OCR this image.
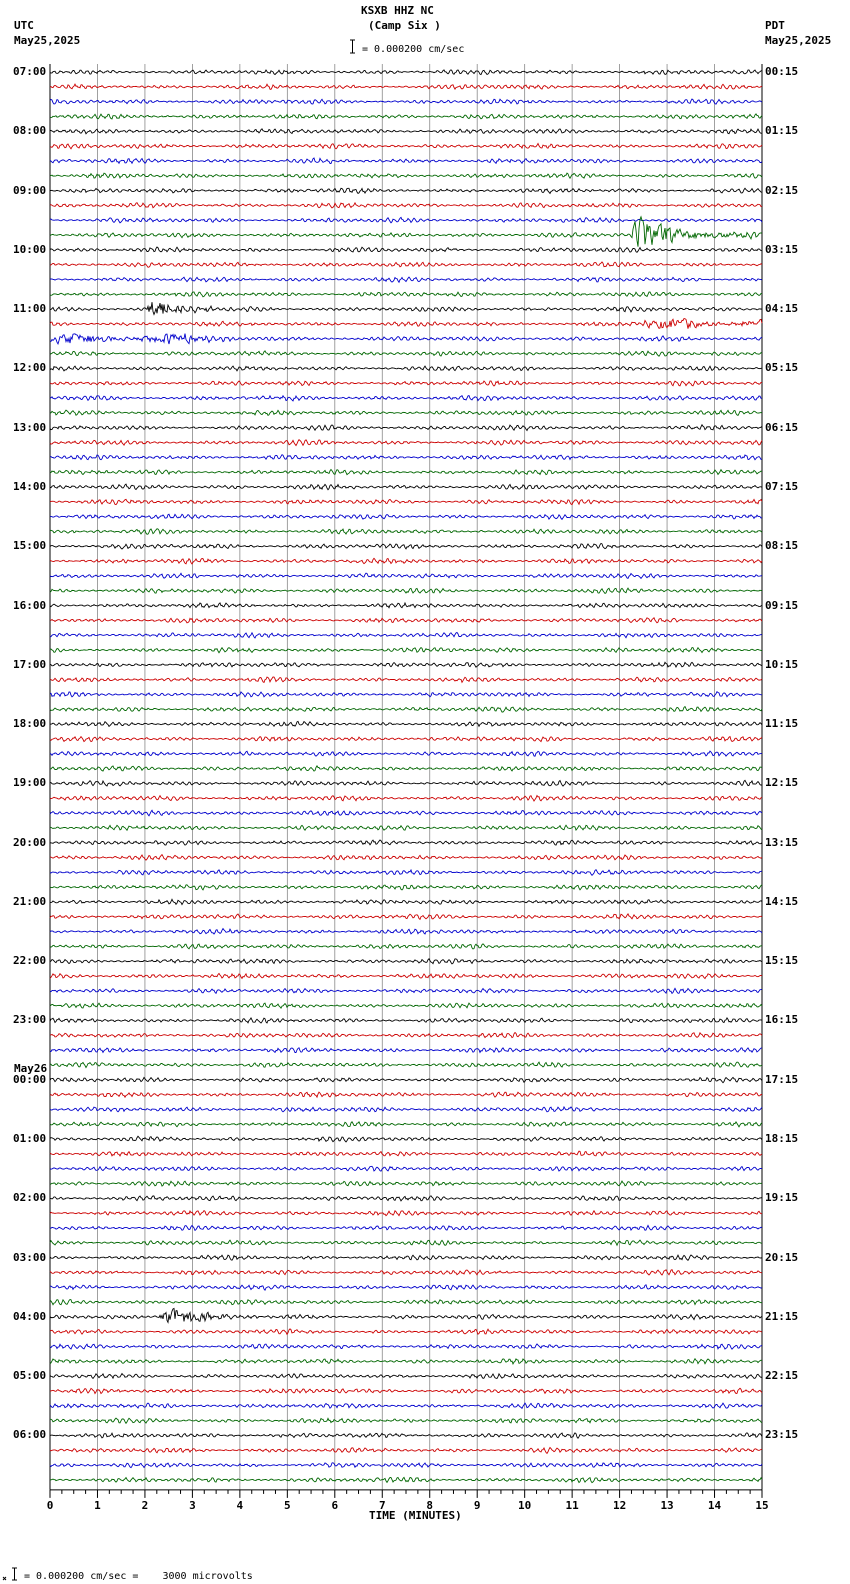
0	1	2	3	4	5	6	7	8	9	10	11	12	13	14	15
KSXB HHZ NC
(Camp Six )
= 0.000200 cm/sec
UTC
May25,2025
PDT
May25,2025
TIME (MINUTES)
= 0.000200 cm/sec =    3000 microvolts
May26
07:00	00:15
08:00	01:15
09:00	02:15
10:00	03:15
11:00	04:15
12:00	05:15
13:00	06:15
14:00	07:15
15:00	08:15
16:00	09:15
17:00	10:15
18:00	11:15
19:00	12:15
20:00	13:15
21:00	14:15
22:00	15:15
23:00	16:15
00:00	17:15
01:00	18:15
02:00	19:15
03:00	20:15
04:00	21:15
05:00	22:15
06:00	23:15
